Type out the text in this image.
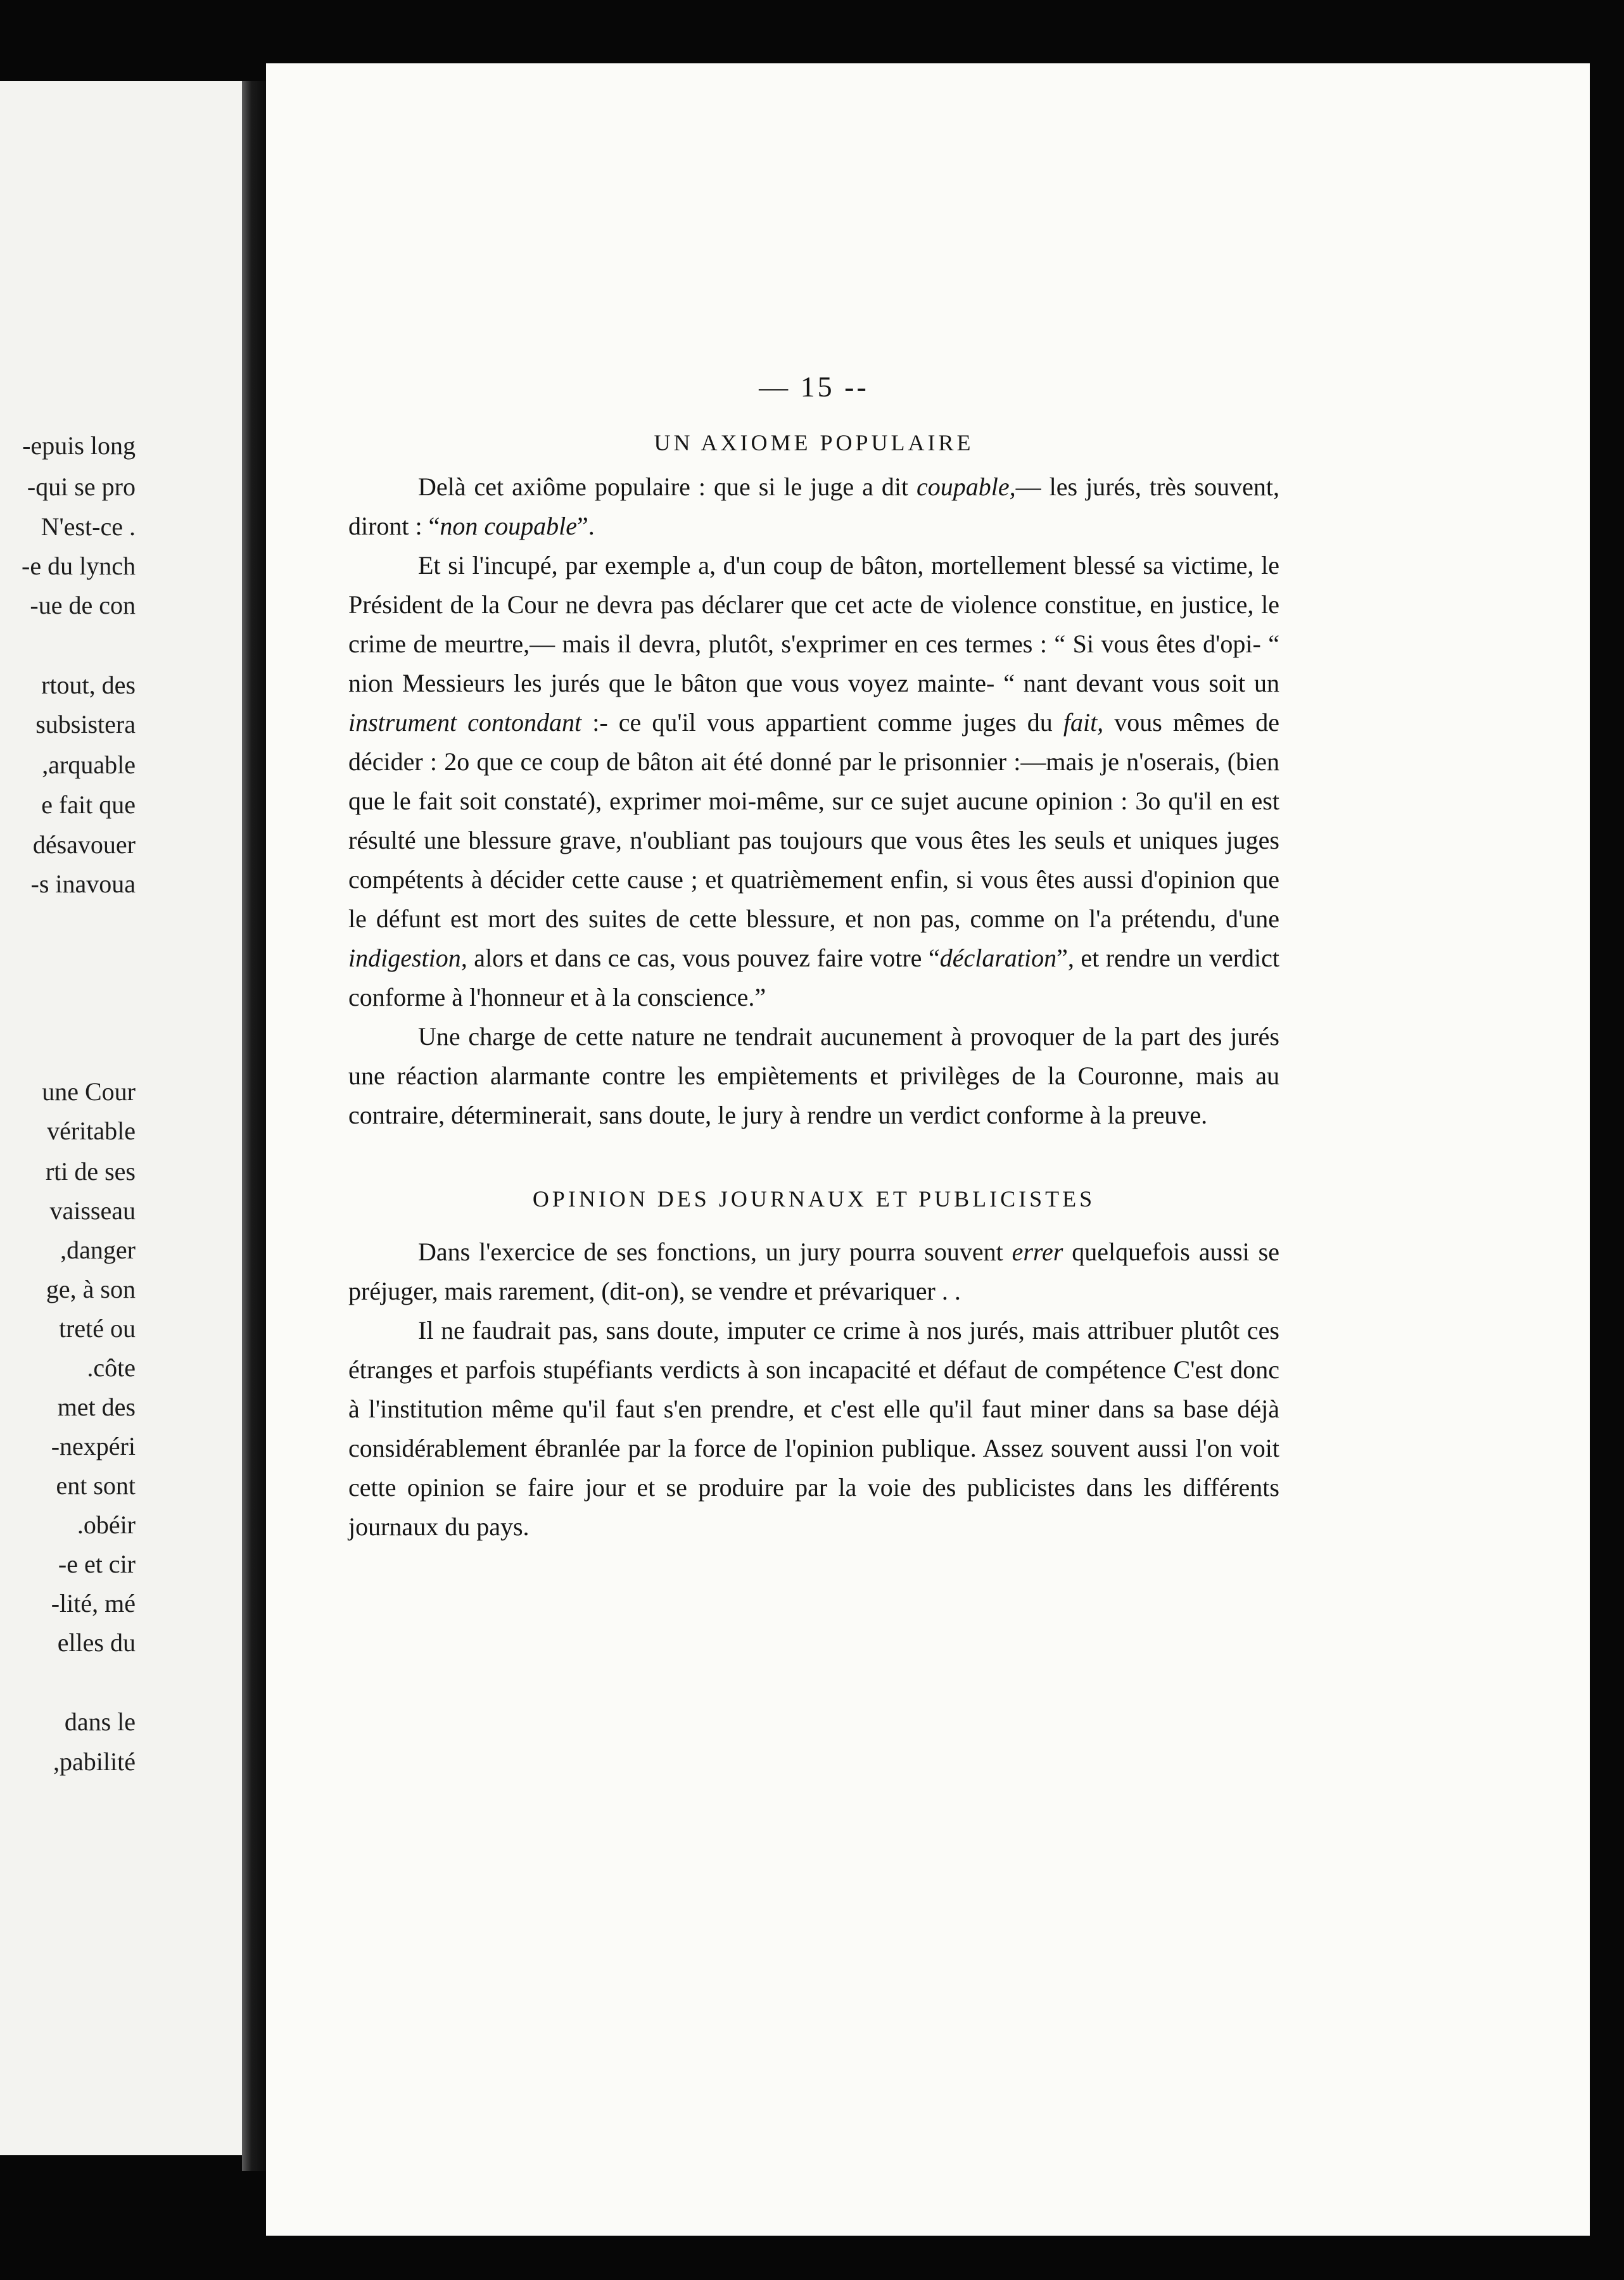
epuis long-
qui se pro-
. N'est-ce
e du lynch-
ue de con-
rtout, des
subsistera
arquable,
e fait que
désavouer
s inavoua-
une Cour
véritable
rti de ses
vaisseau
danger,
ge, à son
treté ou
côte.
met des
nexpéri-
ent sont
obéir.
e et cir-
lité, mé-
elles du
dans le
pabilité,
— 15 --
UN AXIOME POPULAIRE

Delà cet axiôme populaire : que si le juge a dit coupable,— les jurés, très souvent, diront : “non coupable”.

Et si l'incupé, par exemple a, d'un coup de bâton, mortellement blessé sa victime, le Président de la Cour ne devra pas déclarer que cet acte de violence constitue, en justice, le crime de meurtre,— mais il devra, plutôt, s'exprimer en ces termes : “ Si vous êtes d'opi- “ nion Messieurs les jurés que le bâton que vous voyez mainte- “ nant devant vous soit un instrument contondant :- ce qu'il vous appartient comme juges du fait, vous mêmes de décider : 2o que ce coup de bâton ait été donné par le prisonnier :—mais je n'oserais, (bien que le fait soit constaté), exprimer moi-même, sur ce sujet aucune opinion : 3o qu'il en est résulté une blessure grave, n'oubliant pas toujours que vous êtes les seuls et uniques juges compétents à décider cette cause ; et quatrièmement enfin, si vous êtes aussi d'opinion que le défunt est mort des suites de cette blessure, et non pas, comme on l'a prétendu, d'une indigestion, alors et dans ce cas, vous pouvez faire votre “déclaration”, et rendre un verdict conforme à l'honneur et à la conscience.”

Une charge de cette nature ne tendrait aucunement à provoquer de la part des jurés une réaction alarmante contre les empiètements et privilèges de la Couronne, mais au contraire, déterminerait, sans doute, le jury à rendre un verdict conforme à la preuve.

OPINION DES JOURNAUX ET PUBLICISTES

Dans l'exercice de ses fonctions, un jury pourra souvent errer quelquefois aussi se préjuger, mais rarement, (dit-on), se vendre et prévariquer . .

Il ne faudrait pas, sans doute, imputer ce crime à nos jurés, mais attribuer plutôt ces étranges et parfois stupéfiants verdicts à son incapacité et défaut de compétence C'est donc à l'institution même qu'il faut s'en prendre, et c'est elle qu'il faut miner dans sa base déjà considérablement ébranlée par la force de l'opinion publique. Assez souvent aussi l'on voit cette opinion se faire jour et se produire par la voie des publicistes dans les différents journaux du pays.
